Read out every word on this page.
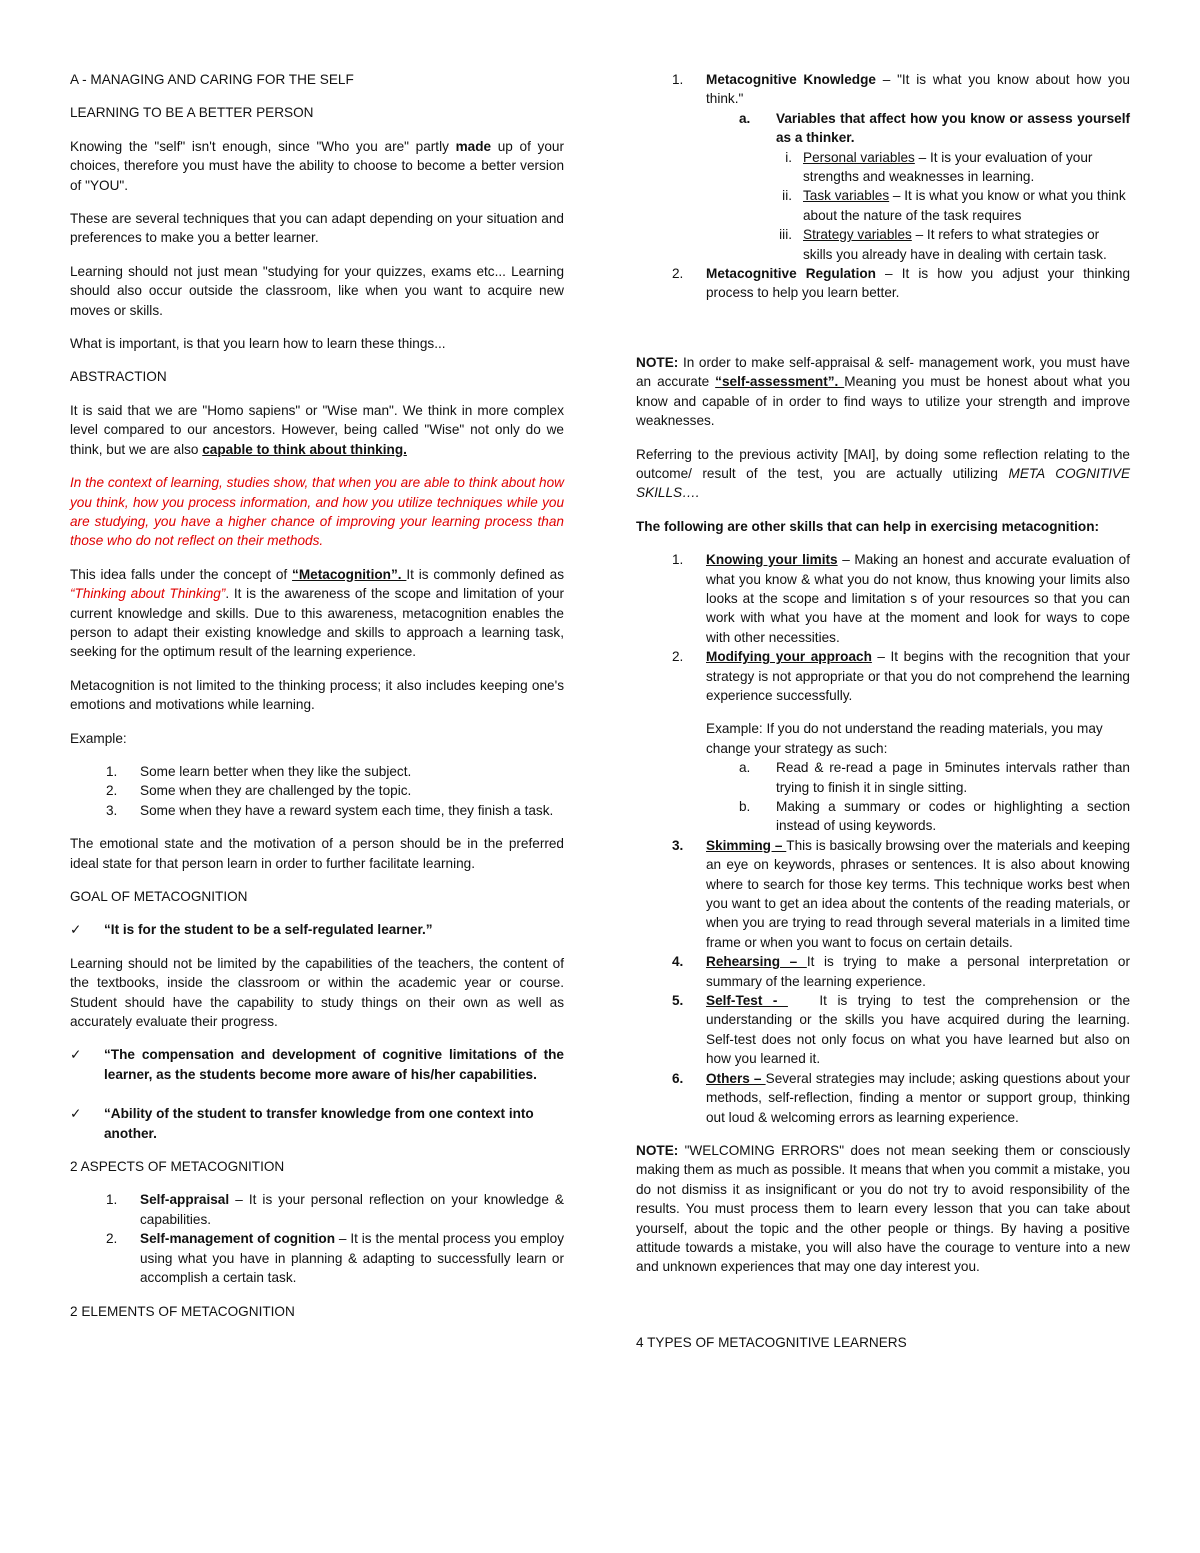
A - MANAGING AND CARING FOR THE SELF

LEARNING TO BE A BETTER PERSON

Knowing the "self" isn't enough, since "Who you are" partly made up of your choices, therefore you must have the ability to choose to become a better version of "YOU".

These are several techniques that you can adapt depending on your situation and preferences to make you a better learner.

Learning should not just mean "studying for your quizzes, exams etc... Learning should also occur outside the classroom, like when you want to acquire new moves or skills.

What is important, is that you learn how to learn these things...

ABSTRACTION

It is said that we are "Homo sapiens" or "Wise man". We think in more complex level compared to our ancestors. However, being called "Wise" not only do we think, but we are also capable to think about thinking.

In the context of learning, studies show, that when you are able to think about how you think, how you process information, and how you utilize techniques while you are studying, you have a higher chance of improving your learning process than those who do not reflect on their methods.

This idea falls under the concept of “Metacognition”. It is commonly defined as “Thinking about Thinking”. It is the awareness of the scope and limitation of your current knowledge and skills. Due to this awareness, metacognition enables the person to adapt their existing knowledge and skills to approach a learning task, seeking for the optimum result of the learning experience.

Metacognition is not limited to the thinking process; it also includes keeping one's emotions and motivations while learning.

Example:

1. Some learn better when they like the subject.
2. Some when they are challenged by the topic.
3. Some when they have a reward system each time, they finish a task.

The emotional state and the motivation of a person should be in the preferred ideal state for that person learn in order to further facilitate learning.

GOAL OF METACOGNITION

✓ “It is for the student to be a self-regulated learner.”

Learning should not be limited by the capabilities of the teachers, the content of the textbooks, inside the classroom or within the academic year or course. Student should have the capability to study things on their own as well as accurately evaluate their progress.

✓ “The compensation and development of cognitive limitations of the learner, as the students become more aware of his/her capabilities.
✓ “Ability of the student to transfer knowledge from one context into another.

2 ASPECTS OF METACOGNITION

1. Self-appraisal – It is your personal reflection on your knowledge & capabilities.
2. Self-management of cognition – It is the mental process you employ using what you have in planning & adapting to successfully learn or accomplish a certain task.

2 ELEMENTS OF METACOGNITION

1. Metacognitive Knowledge – "It is what you know about how you think."
a. Variables that affect how you know or assess yourself as a thinker.
i. Personal variables – It is your evaluation of your strengths and weaknesses in learning.
ii. Task variables – It is what you know or what you think about the nature of the task requires
iii. Strategy variables – It refers to what strategies or skills you already have in dealing with certain task.
2. Metacognitive Regulation – It is how you adjust your thinking process to help you learn better.

NOTE: In order to make self-appraisal & self- management work, you must have an accurate “self-assessment”. Meaning you must be honest about what you know and capable of in order to find ways to utilize your strength and improve weaknesses.

Referring to the previous activity [MAI], by doing some reflection relating to the outcome/ result of the test, you are actually utilizing META COGNITIVE SKILLS….

The following are other skills that can help in exercising metacognition:

1. Knowing your limits – Making an honest and accurate evaluation of what you know & what you do not know, thus knowing your limits also looks at the scope and limitation s of your resources so that you can work with what you have at the moment and look for ways to cope with other necessities.
2. Modifying your approach – It begins with the recognition that your strategy is not appropriate or that you do not comprehend the learning experience successfully.
Example: If you do not understand the reading materials, you may change your strategy as such:
a. Read & re-read a page in 5minutes intervals rather than trying to finish it in single sitting.
b. Making a summary or codes or highlighting a section instead of using keywords.
3. Skimming – This is basically browsing over the materials and keeping an eye on keywords, phrases or sentences. It is also about knowing where to search for those key terms. This technique works best when you want to get an idea about the contents of the reading materials, or when you are trying to read through several materials in a limited time frame or when you want to focus on certain details.
4. Rehearsing – It is trying to make a personal interpretation or summary of the learning experience.
5. Self-Test -    It is trying to test the comprehension or the understanding or the skills you have acquired during the learning. Self-test does not only focus on what you have learned but also on how you learned it.
6. Others – Several strategies may include; asking questions about your methods, self-reflection, finding a mentor or support group, thinking out loud & welcoming errors as learning experience.

NOTE: "WELCOMING ERRORS" does not mean seeking them or consciously making them as much as possible. It means that when you commit a mistake, you do not dismiss it as insignificant or you do not try to avoid responsibility of the results. You must process them to learn every lesson that you can take about yourself, about the topic and the other people or things. By having a positive attitude towards a mistake, you will also have the courage to venture into a new and unknown experiences that may one day interest you.

4 TYPES OF METACOGNITIVE LEARNERS
